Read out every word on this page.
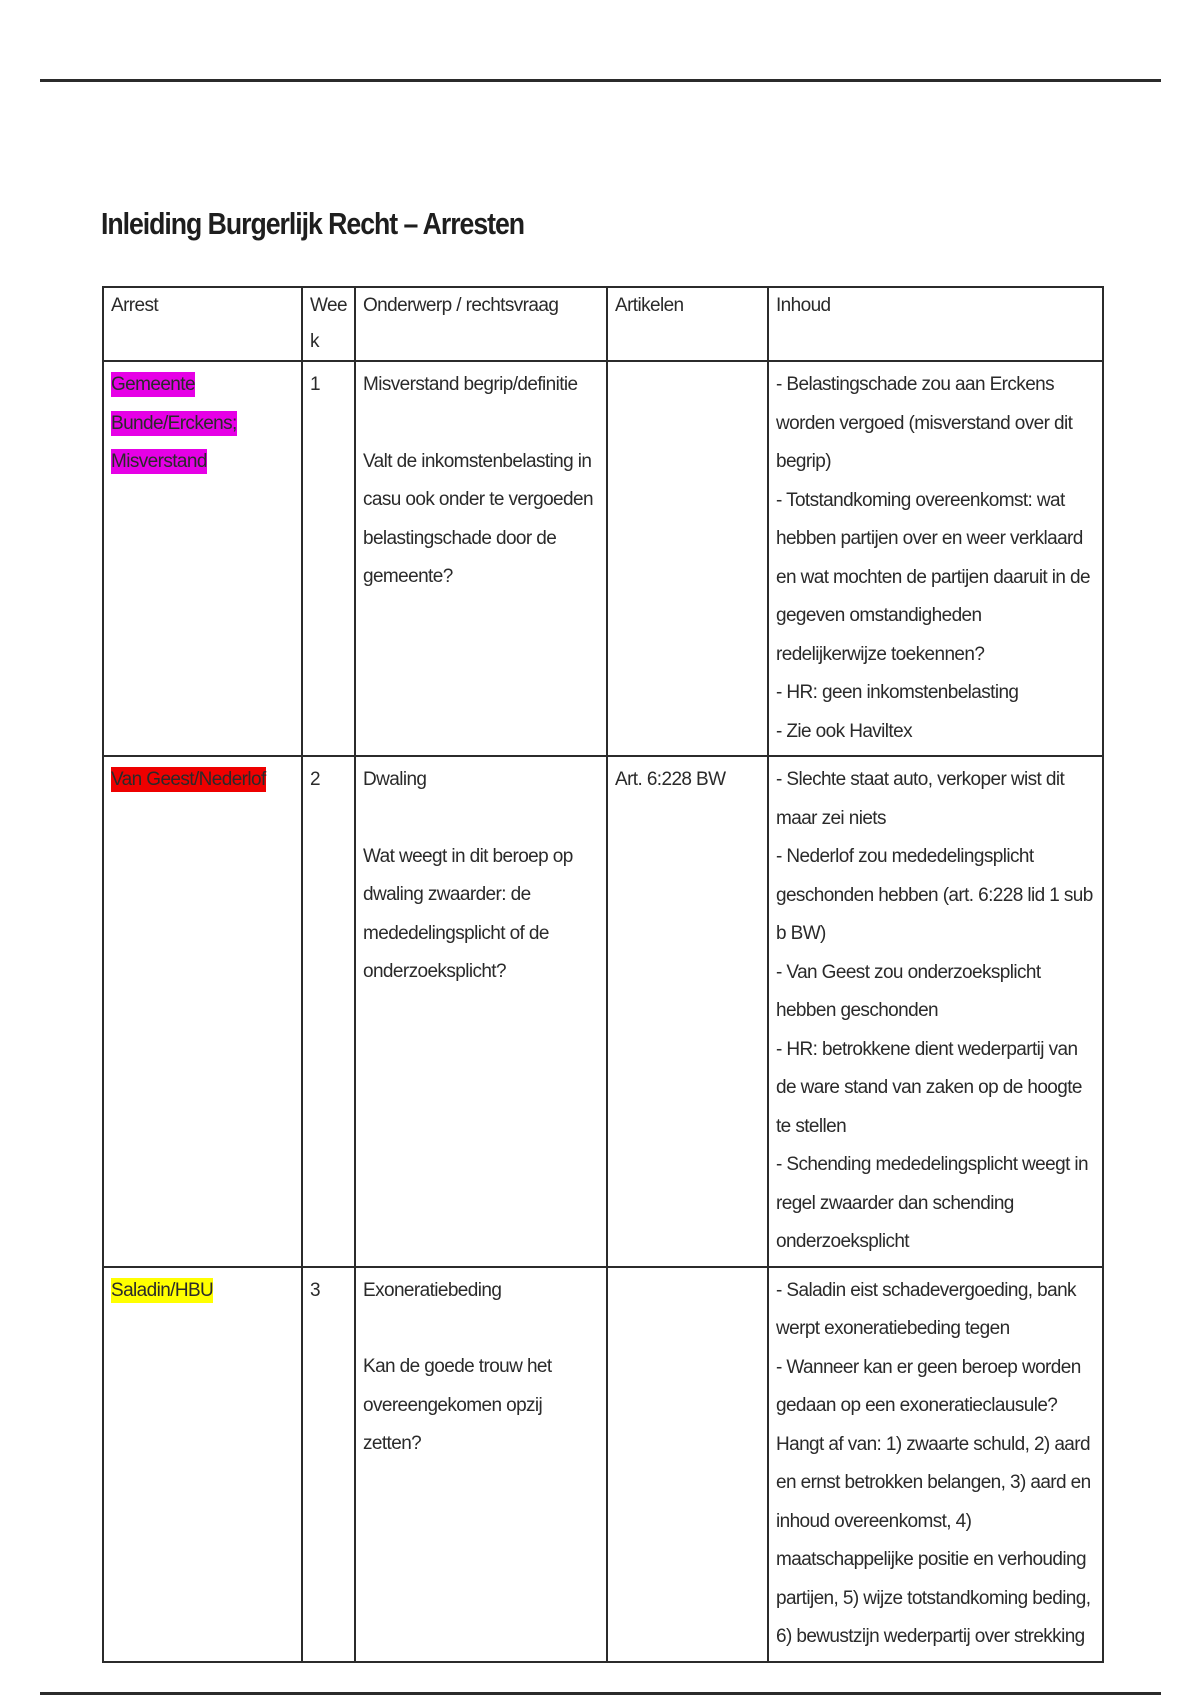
Inleiding Burgerlijk Recht – Arresten
Arrest	Week	Onderwerp / rechtsvraag	Artikelen	Inhoud
Gemeente Bunde/Erckens; Misverstand	1	Misverstand begrip/definitie
Valt de inkomstenbelasting in casu ook onder te vergoeden belastingschade door de gemeente?		- Belastingschade zou aan Erckens worden vergoed (misverstand over dit begrip)
- Totstandkoming overeenkomst: wat hebben partijen over en weer verklaard en wat mochten de partijen daaruit in de gegeven omstandigheden redelijkerwijze toekennen?
- HR: geen inkomstenbelasting
- Zie ook Haviltex

Van Geest/Nederlof	2	Dwaling
Wat weegt in dit beroep op dwaling zwaarder: de mededelingsplicht of de onderzoeksplicht?	Art. 6:228 BW	- Slechte staat auto, verkoper wist dit maar zei niets
- Nederlof zou mededelingsplicht geschonden hebben (art. 6:228 lid 1 sub b BW)
- Van Geest zou onderzoeksplicht hebben geschonden
- HR: betrokkene dient wederpartij van de ware stand van zaken op de hoogte te stellen
- Schending mededelingsplicht weegt in regel zwaarder dan schending onderzoeksplicht

Saladin/HBU	3	Exoneratiebeding
Kan de goede trouw het overeengekomen opzij zetten?		- Saladin eist schadevergoeding, bank werpt exoneratiebeding tegen
- Wanneer kan er geen beroep worden gedaan op een exoneratieclausule? Hangt af van: 1) zwaarte schuld, 2) aard en ernst betrokken belangen, 3) aard en inhoud overeenkomst, 4) maatschappelijke positie en verhouding partijen, 5) wijze totstandkoming beding, 6) bewustzijn wederpartij over strekking
